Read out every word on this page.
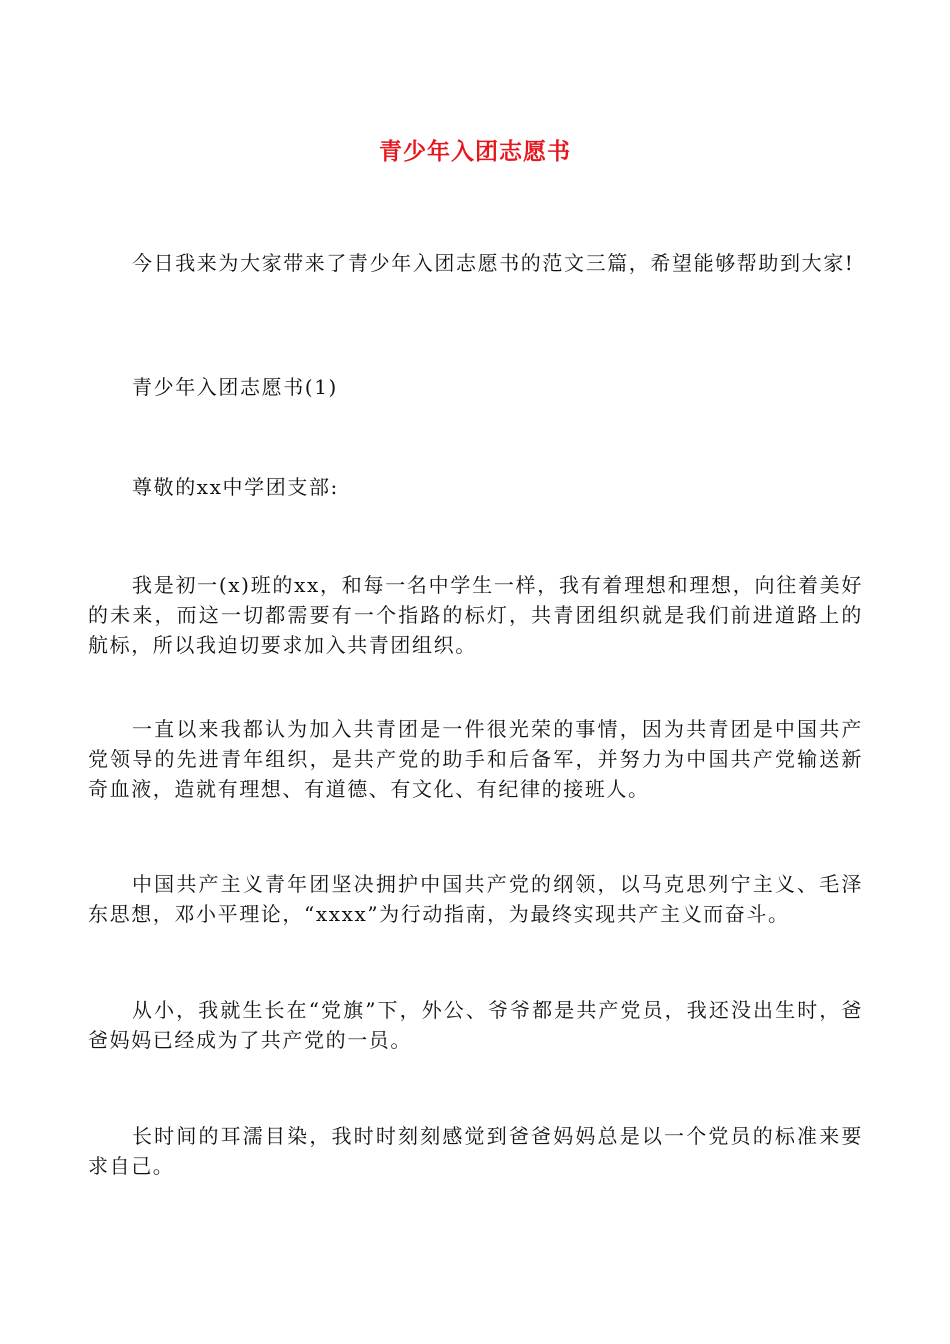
青少年入团志愿书

今日我来为大家带来了青少年入团志愿书的范文三篇，希望能够帮助到大家!

青少年入团志愿书(1)

尊敬的xx中学团支部:

我是初一(x)班的xx，和每一名中学生一样，我有着理想和理想，向往着美好的未来，而这一切都需要有一个指路的标灯，共青团组织就是我们前进道路上的航标，所以我迫切要求加入共青团组织。

一直以来我都认为加入共青团是一件很光荣的事情，因为共青团是中国共产党领导的先进青年组织，是共产党的助手和后备军，并努力为中国共产党输送新奇血液，造就有理想、有道德、有文化、有纪律的接班人。

中国共产主义青年团坚决拥护中国共产党的纲领，以马克思列宁主义、毛泽东思想，邓小平理论，“xxxx”为行动指南，为最终实现共产主义而奋斗。

从小，我就生长在“党旗”下，外公、爷爷都是共产党员，我还没出生时，爸爸妈妈已经成为了共产党的一员。

长时间的耳濡目染，我时时刻刻感觉到爸爸妈妈总是以一个党员的标准来要求自己。
